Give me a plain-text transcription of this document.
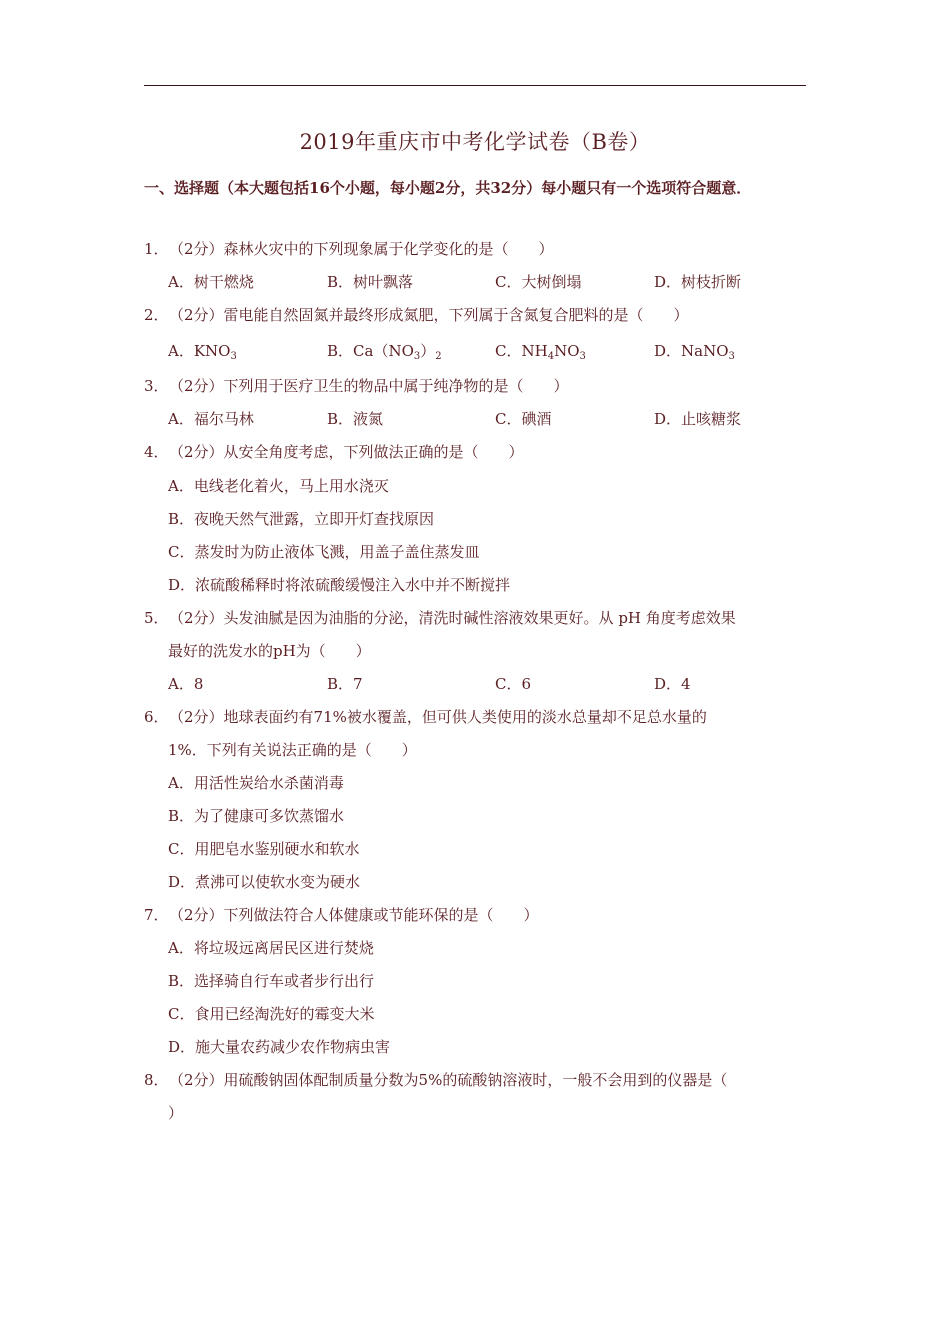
2019年重庆市中考化学试卷（B卷）
一、选择题（本大题包括16个小题，每小题2分，共32分）每小题只有一个选项符合题意．
1．（2分）森林火灾中的下列现象属于化学变化的是（　　）
A．树干燃烧	B．树叶飘落	C．大树倒塌	D．树枝折断
2．（2分）雷电能自然固氮并最终形成氮肥，下列属于含氮复合肥料的是（　　）
A．$KNO_3$	B．$Ca(NO_3)_2$	C．$NH_4NO_3$	D．NaNO$_3$
3．（2分）下列用于医疗卫生的物品中属于纯净物的是（　　）
A．福尔马林	B．液氮	C．碘酒	D．止咳糖浆
4．（2分）从安全角度考虑，下列做法正确的是（　　）
A．电线老化着火，马上用水浇灭
B．夜晚天然气泄露，立即开灯查找原因
C．蒸发时为防止液体飞溅，用盖子盖住蒸发皿
D．浓硫酸稀释时将浓硫酸缓慢注入水中并不断搅拌
5．（2分）头发油腻是因为油脂的分泌，清洗时碱性溶液效果更好。从 pH 角度考虑效果
最好的洗发水的pH为（　　）
A．8	B．7	C．6	D．4
6．（2分）地球表面约有71%被水覆盖，但可供人类使用的淡水总量却不足总水量的
1%．下列有关说法正确的是（　　）
A．用活性炭给水杀菌消毒
B．为了健康可多饮蒸馏水
C．用肥皂水鉴别硬水和软水
D．煮沸可以使软水变为硬水
7．（2分）下列做法符合人体健康或节能环保的是（　　）
A．将垃圾远离居民区进行焚烧
B．选择骑自行车或者步行出行
C．食用已经淘洗好的霉变大米
D．施大量农药减少农作物病虫害
8．（2分）用硫酸钠固体配制质量分数为5%的硫酸钠溶液时，一般不会用到的仪器是（
）
